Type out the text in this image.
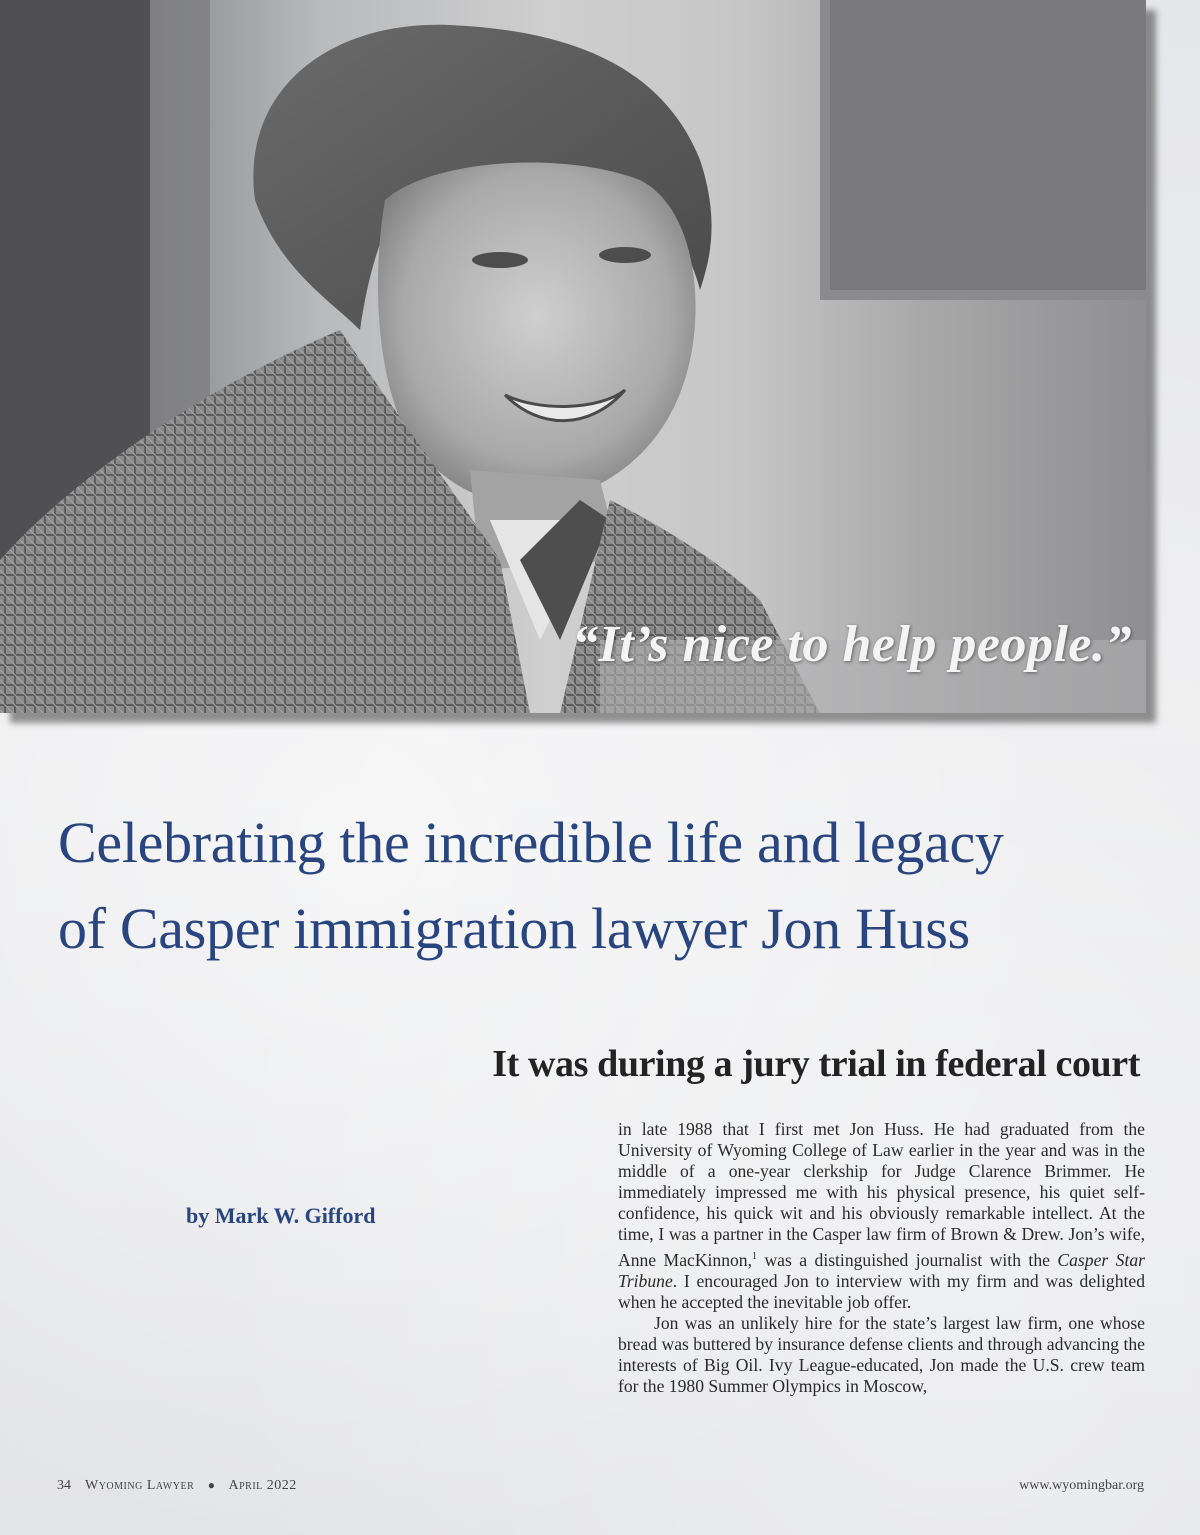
“It’s nice to help people.”
Celebrating the incredible life and legacy
of Casper immigration lawyer Jon Huss
It was during a jury trial in federal court
by Mark W. Gifford

in late 1988 that I first met Jon Huss. He had graduated from the University of Wyoming College of Law earlier in the year and was in the middle of a one-year clerkship for Judge Clarence Brimmer. He immediately impressed me with his physical presence, his quiet self-confidence, his quick wit and his obviously remarkable intellect. At the time, I was a partner in the Casper law firm of Brown & Drew. Jon’s wife, Anne MacKinnon,$^1$ was a distinguished journalist with the Casper Star Tribune. I encouraged Jon to interview with my firm and was delighted when he accepted the inevitable job offer.

Jon was an unlikely hire for the state’s largest law firm, one whose bread was buttered by insurance defense clients and through advancing the interests of Big Oil. Ivy League-educated, Jon made the U.S. crew team for the 1980 Summer Olympics in Moscow,

34 Wyoming Lawyer ● April 2022	www.wyomingbar.org
